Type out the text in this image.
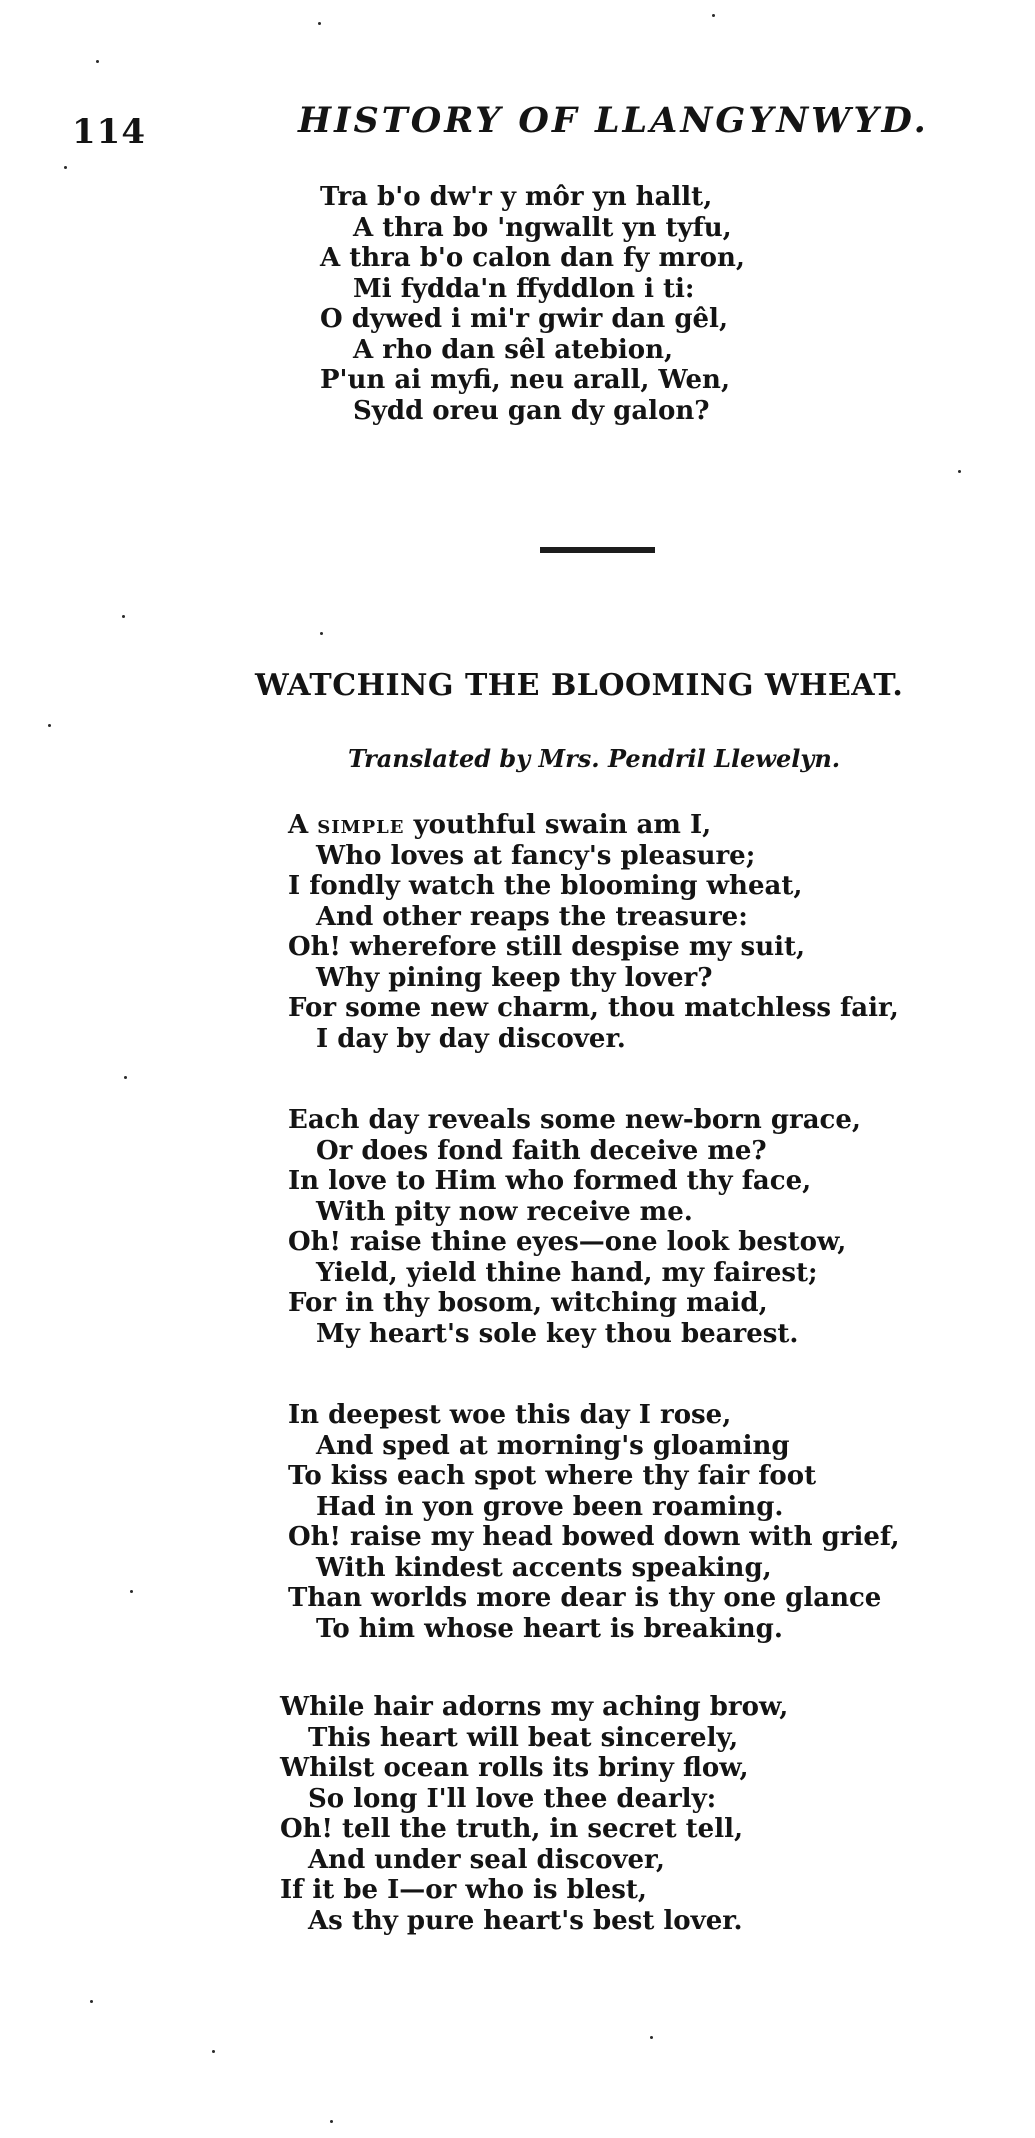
114	HISTORY OF LLANGYNWYD.
Tra b'o dw'r y môr yn hallt,
A thra bo 'ngwallt yn tyfu,
A thra b'o calon dan fy mron,
Mi fydda'n ffyddlon i ti:
O dywed i mi'r gwir dan gêl,
A rho dan sêl atebion,
P'un ai myfi, neu arall, Wen,
Sydd oreu gan dy galon?
WATCHING THE BLOOMING WHEAT.
Translated by Mrs. Pendril Llewelyn.
A simple youthful swain am I,
Who loves at fancy's pleasure;
I fondly watch the blooming wheat,
And other reaps the treasure:
Oh! wherefore still despise my suit,
Why pining keep thy lover?
For some new charm, thou matchless fair,
I day by day discover.
Each day reveals some new-born grace,
Or does fond faith deceive me?
In love to Him who formed thy face,
With pity now receive me.
Oh! raise thine eyes—one look bestow,
Yield, yield thine hand, my fairest;
For in thy bosom, witching maid,
My heart's sole key thou bearest.
In deepest woe this day I rose,
And sped at morning's gloaming
To kiss each spot where thy fair foot
Had in yon grove been roaming.
Oh! raise my head bowed down with grief,
With kindest accents speaking,
Than worlds more dear is thy one glance
To him whose heart is breaking.
While hair adorns my aching brow,
This heart will beat sincerely,
Whilst ocean rolls its briny flow,
So long I'll love thee dearly:
Oh! tell the truth, in secret tell,
And under seal discover,
If it be I—or who is blest,
As thy pure heart's best lover.
